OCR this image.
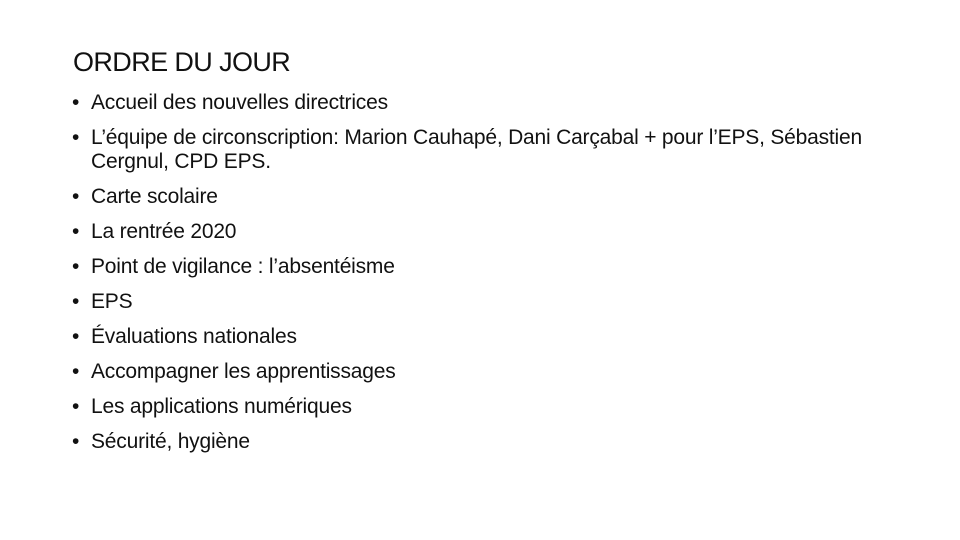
ORDRE DU JOUR
• Accueil des nouvelles directrices
• L’équipe de circonscription: Marion Cauhapé, Dani Carçabal + pour l’EPS, Sébastien Cergnul, CPD EPS.
• Carte scolaire
• La rentrée 2020
• Point de vigilance : l’absentéisme
• EPS
• Évaluations nationales
• Accompagner les apprentissages
• Les applications numériques
• Sécurité, hygiène
